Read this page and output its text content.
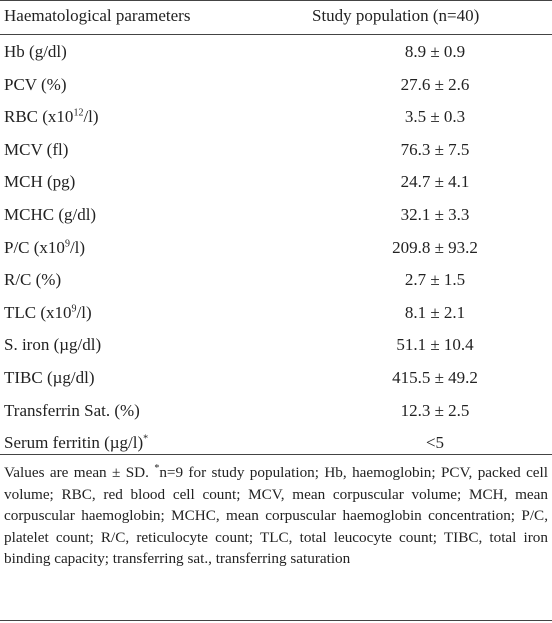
Haematological parameters	Study population (n=40)
Hb (g/dl)	8.9 ± 0.9
PCV (%)	27.6 ± 2.6
RBC $(x10^{12}/l)$	3.5 ± 0.3
MCV (fl)	76.3 ± 7.5
MCH (pg)	24.7 ± 4.1
MCHC (g/dl)	32.1 ± 3.3
P/C $(x10^9/l)$	209.8 ± 93.2
R/C (%)	2.7 ± 1.5
TLC $(x10^9/l)$	8.1 ± 2.1
S. iron (µg/dl)	51.1 ± 10.4
TIBC (µg/dl)	415.5 ± 49.2
Transferrin Sat. (%)	12.3 ± 2.5
Serum ferritin (µg/l)*	<5
Values are mean ± SD. *n=9 for study population; Hb, haemoglobin; PCV, packed cell volume; RBC, red blood cell count; MCV, mean corpuscular volume; MCH, mean corpuscular haemoglobin; MCHC, mean corpuscular haemoglobin concentration; P/C, platelet count; R/C, reticulocyte count; TLC, total leucocyte count; TIBC, total iron binding capacity; transferring sat., transferring saturation
